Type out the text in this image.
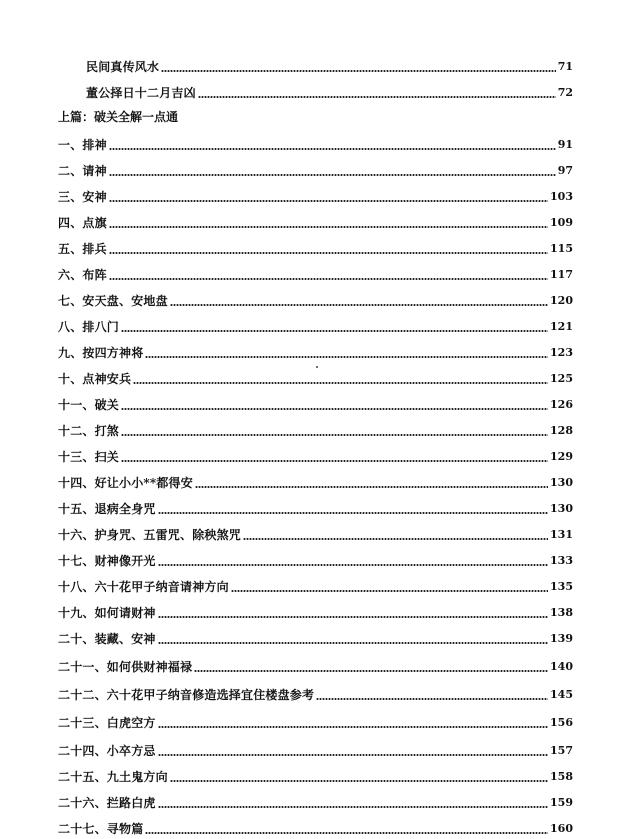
民间真传风水	71
董公择日十二月吉凶	72
上篇：破关全解一点通
一、排神	91
二、请神	97
三、安神	103
四、点旗	109
五、排兵	115
六、布阵	117
七、安天盘、安地盘	120
八、排八门	121
九、按四方神将	123
十、点神安兵	125
十一、破关	126
十二、打煞	128
十三、扫关	129
十四、好让小小**都得安	130
十五、退病全身咒	130
十六、护身咒、五雷咒、除秧煞咒	131
十七、财神像开光	133
十八、六十花甲子纳音请神方向	135
十九、如何请财神	138
二十、装藏、安神	139
二十一、如何供财神福禄	140
二十二、六十花甲子纳音修造选择宜住楼盘参考	145
二十三、白虎空方	156
二十四、小卒方忌	157
二十五、九土鬼方向	158
二十六、拦路白虎	159
二十七、寻物篇	160
